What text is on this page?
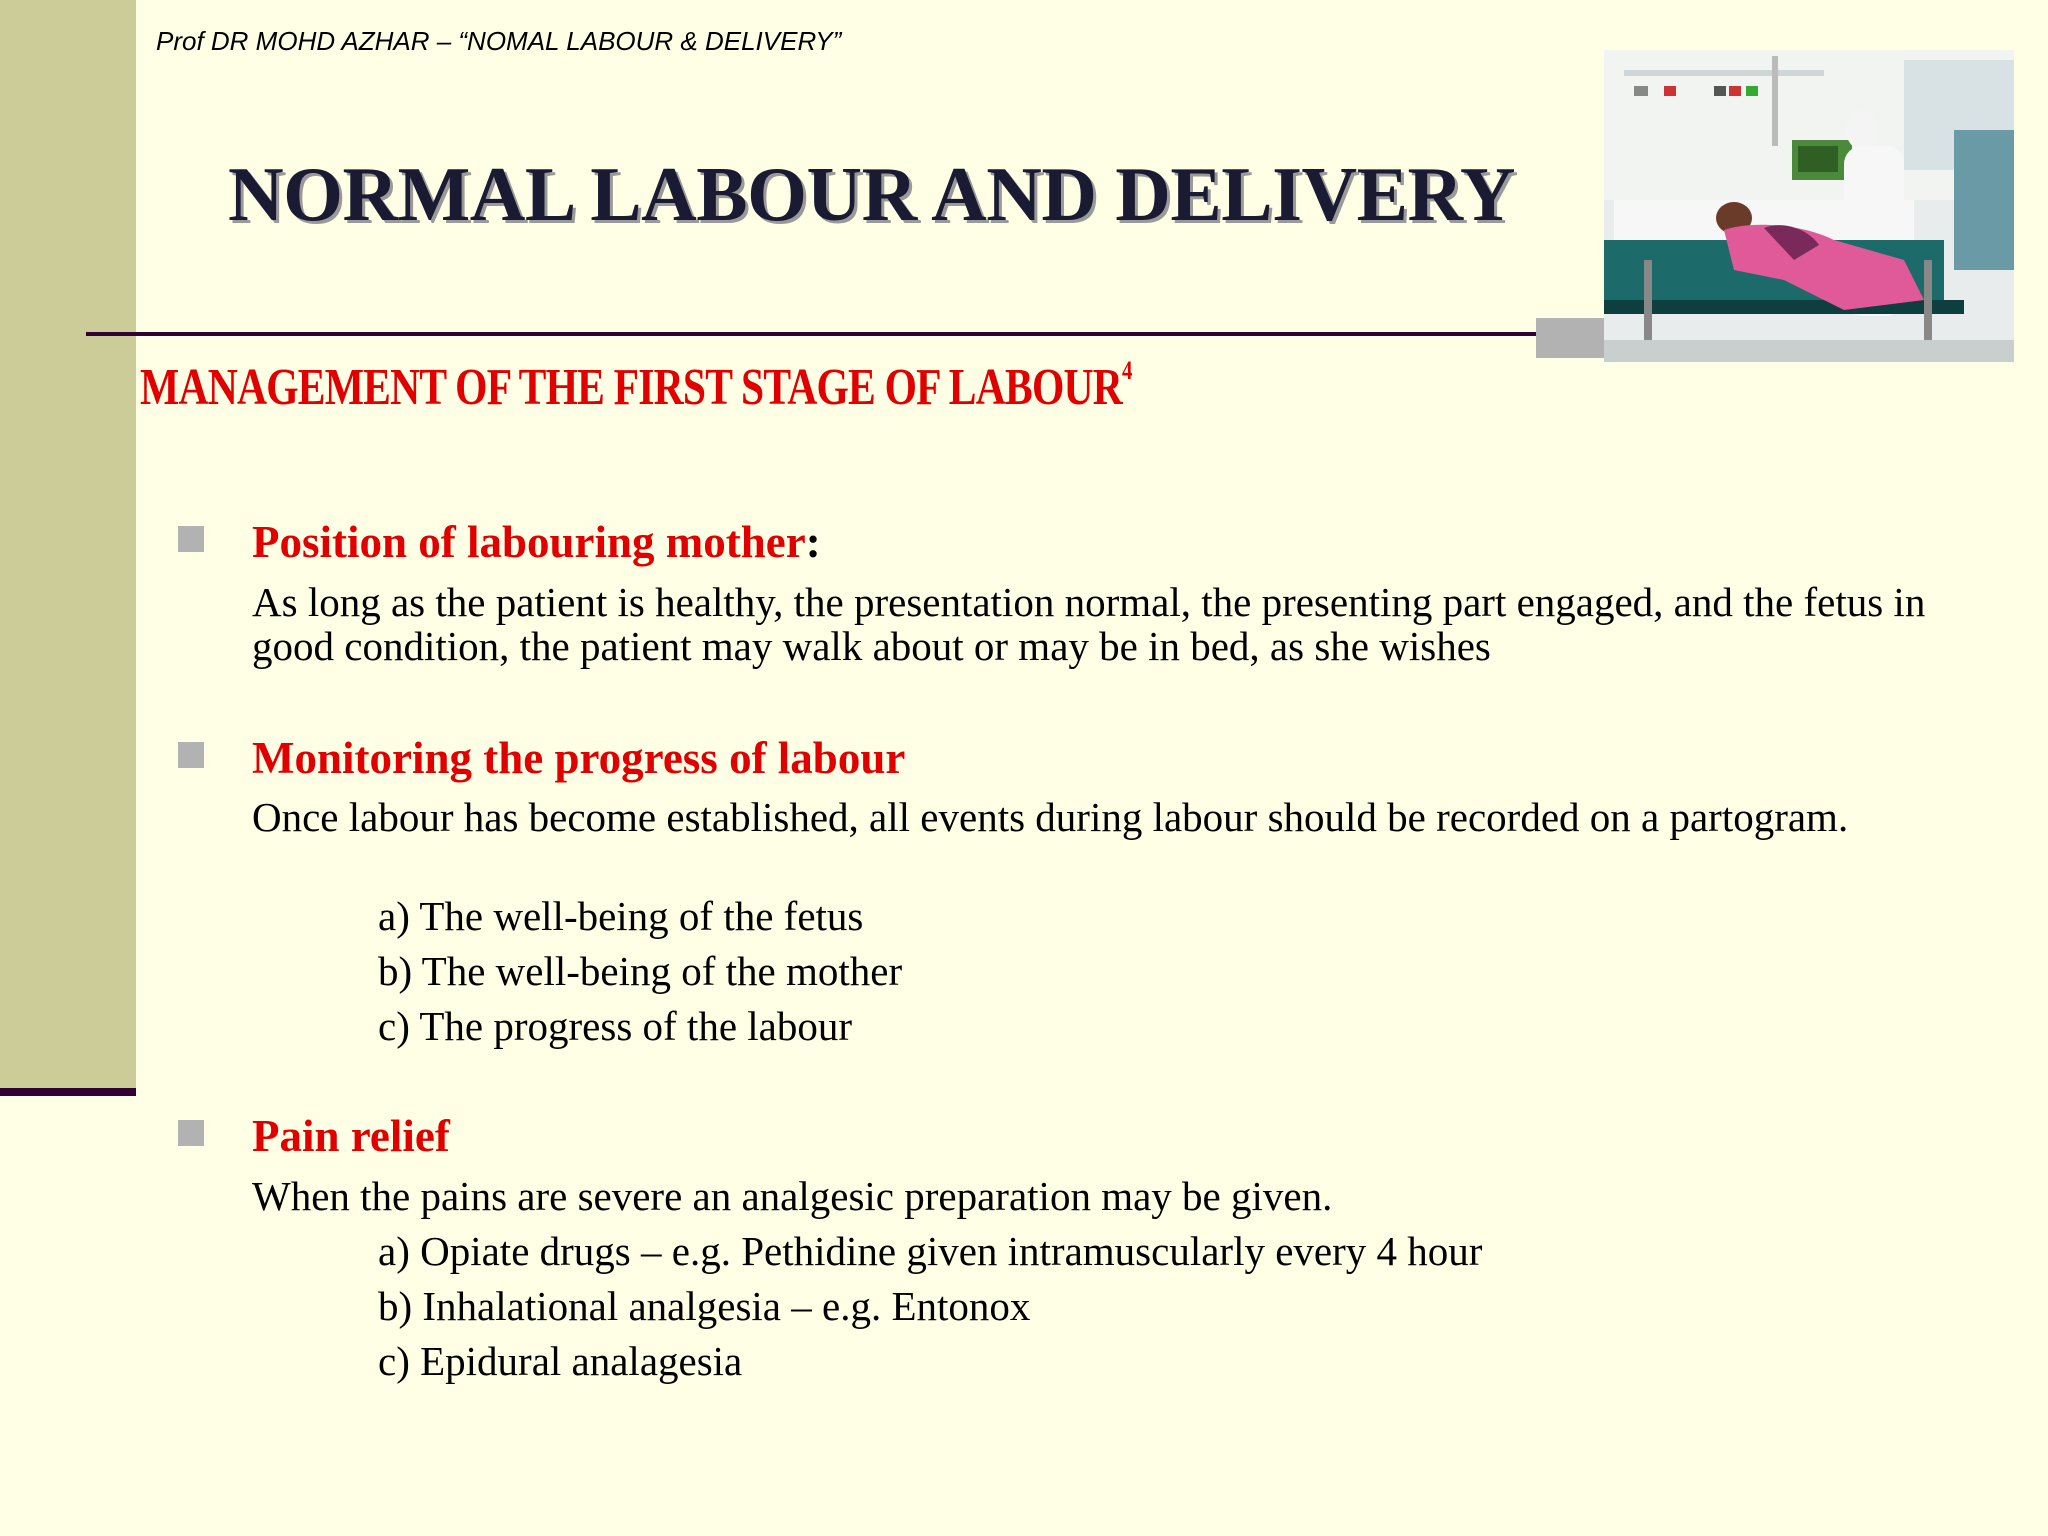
Prof DR MOHD AZHAR – “NOMAL LABOUR & DELIVERY”
NORMAL LABOUR AND DELIVERY
MANAGEMENT OF THE FIRST STAGE OF LABOUR$^4$
Position of labouring mother:
As long as the patient is healthy, the presentation normal, the presenting part engaged, and the fetus in good condition, the patient may walk about or may be in bed, as she wishes
Monitoring the progress of labour
Once labour has become established, all events during labour should be recorded on a partogram.
a) The well-being of the fetus
b) The well-being of the mother
c) The progress of the labour
Pain relief
When the pains are severe an analgesic preparation may be given.
a) Opiate drugs – e.g. Pethidine given intramuscularly every 4 hour
b) Inhalational analgesia – e.g. Entonox
c) Epidural analagesia
